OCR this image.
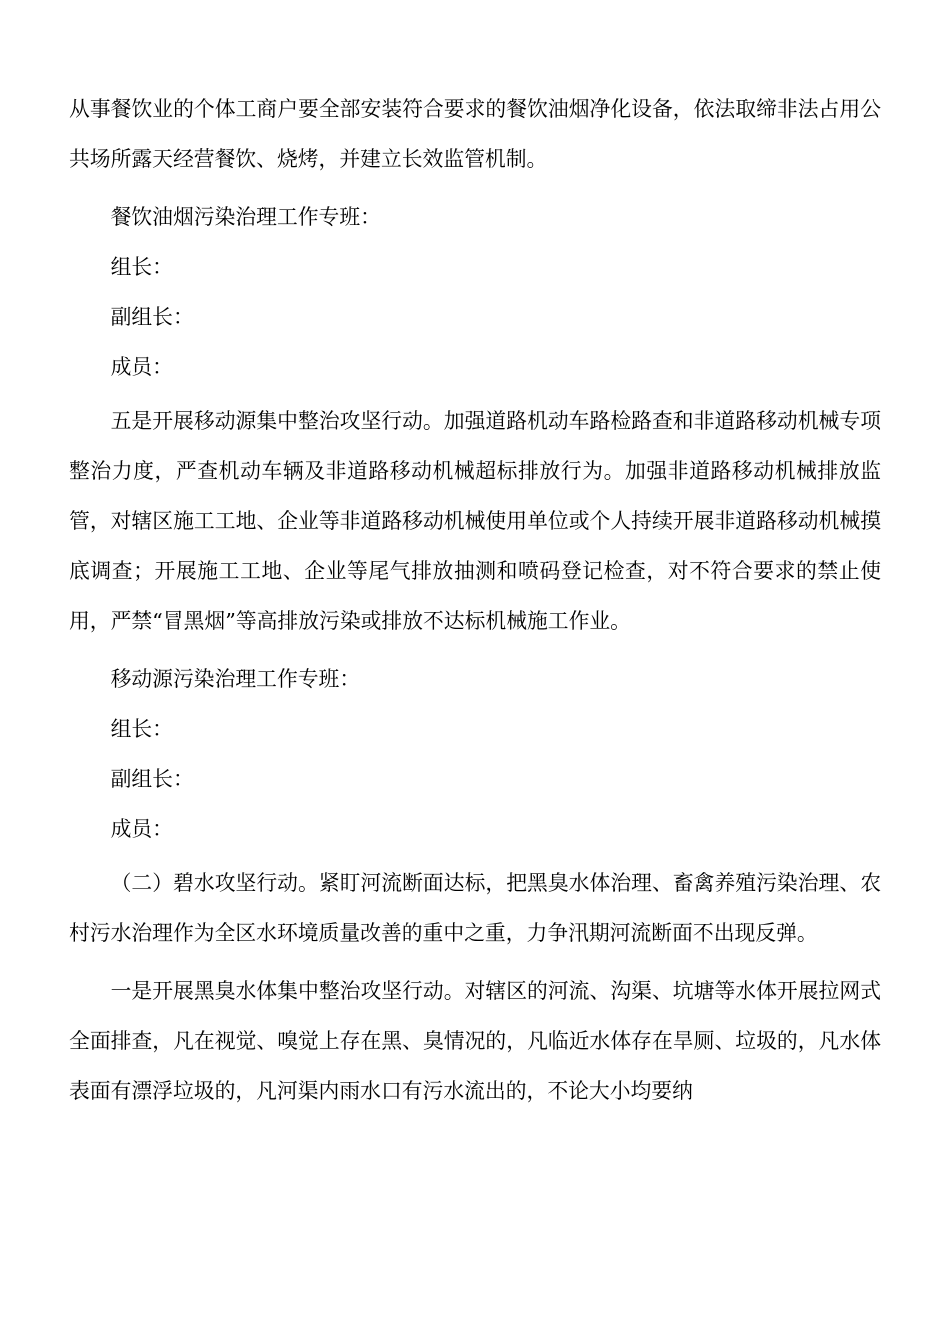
从事餐饮业的个体工商户要全部安装符合要求的餐饮油烟净化设备，依法取缔非法占用公共场所露天经营餐饮、烧烤，并建立长效监管机制。

餐饮油烟污染治理工作专班：

组长：

副组长：

成员：

五是开展移动源集中整治攻坚行动。加强道路机动车路检路查和非道路移动机械专项整治力度，严查机动车辆及非道路移动机械超标排放行为。加强非道路移动机械排放监管，对辖区施工工地、企业等非道路移动机械使用单位或个人持续开展非道路移动机械摸底调查；开展施工工地、企业等尾气排放抽测和喷码登记检查，对不符合要求的禁止使用，严禁“冒黑烟”等高排放污染或排放不达标机械施工作业。

移动源污染治理工作专班：

组长：

副组长：

成员：

（二）碧水攻坚行动。紧盯河流断面达标，把黑臭水体治理、畜禽养殖污染治理、农村污水治理作为全区水环境质量改善的重中之重，力争汛期河流断面不出现反弹。

一是开展黑臭水体集中整治攻坚行动。对辖区的河流、沟渠、坑塘等水体开展拉网式全面排查，凡在视觉、嗅觉上存在黑、臭情况的，凡临近水体存在旱厕、垃圾的，凡水体表面有漂浮垃圾的，凡河渠内雨水口有污水流出的，不论大小均要纳
